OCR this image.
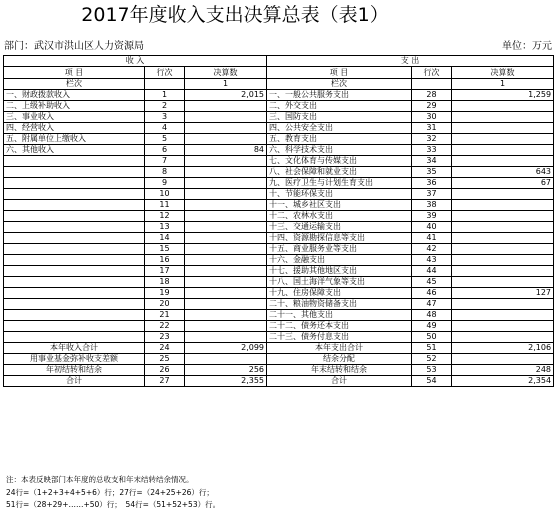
2017年度收入支出决算总表（表1）
部门：武汉市洪山区人力资源局	单位：万元
收 入			支 出		
项 目	行次	决算数	项 目	行次	决算数
栏次		1	栏次		1
一、财政拨款收入	1	2,015	一、一般公共服务支出	28	1,259
二、上级补助收入	2		二、外交支出	29	
三、事业收入	3		三、国防支出	30	
四、经营收入	4		四、公共安全支出	31	
五、附属单位上缴收入	5		五、教育支出	32	
六、其他收入	6	84	六、科学技术支出	33	
	7		七、文化体育与传媒支出	34	
	8		八、社会保障和就业支出	35	643
	9		九、医疗卫生与计划生育支出	36	67
	10		十、节能环保支出	37	
	11		十一、城乡社区支出	38	
	12		十二、农林水支出	39	
	13		十三、交通运输支出	40	
	14		十四、资源勘探信息等支出	41	
	15		十五、商业服务业等支出	42	
	16		十六、金融支出	43	
	17		十七、援助其他地区支出	44	
	18		十八、国土海洋气象等支出	45	
	19		十九、住房保障支出	46	127
	20		二十、粮油物资储备支出	47	
	21		二十一、其他支出	48	
	22		二十二、债务还本支出	49	
	23		二十三、债务付息支出	50	
本年收入合计	24	2,099	本年支出合计	51	2,106
用事业基金弥补收支差额	25		结余分配	52	
年初结转和结余	26	256	年末结转和结余	53	248
合计	27	2,355	合计	54	2,354
注：本表反映部门本年度的总收支和年末结转结余情况。
24行=（1+2+3+4+5+6）行；27行=（24+25+26）行；
51行=（28+29+……+50）行；　54行=（51+52+53）行。
